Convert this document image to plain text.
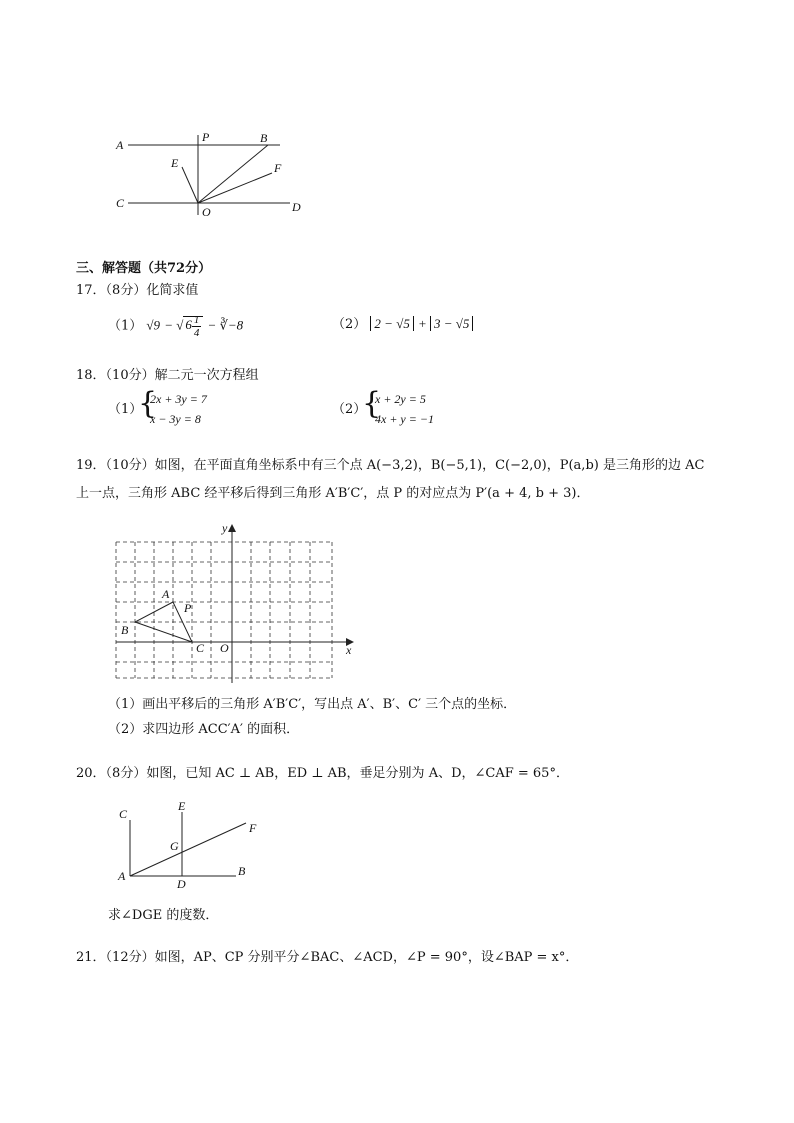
A
P	B
E	F
C
O	D
三、解答题（共72分）
17．（8分）化简求值
（1） √9 − √ $6 \frac{1}{4}$ − ∛−8	（2） 2 − √5 + 3 − √5
18．（10分）解二元一次方程组
（1）
{
2x + 3y = 7
x − 3y = 8
（2）
{
x + 2y = 5
4x + y = −1
19．（10分）如图，在平面直角坐标系中有三个点 A(−3,2)，B(−5,1)，C(−2,0)，P(a,b) 是三角形的边 AC
上一点，三角形 ABC 经平移后得到三角形 A′B′C′，点 P 的对应点为 P′(a + 4, b + 3)．
y
x
A
P
B
C O
（1）画出平移后的三角形 A′B′C′，写出点 A′、B′、C′ 三个点的坐标．
（2）求四边形 ACC′A′ 的面积．
20．（8分）如图，已知 AC ⊥ AB，ED ⊥ AB，垂足分别为 A、D，∠CAF = 65°．
C
E
F
G
A
D
B
求∠DGE 的度数．
21．（12分）如图，AP、CP 分别平分∠BAC、∠ACD，∠P = 90°，设∠BAP = x°．
